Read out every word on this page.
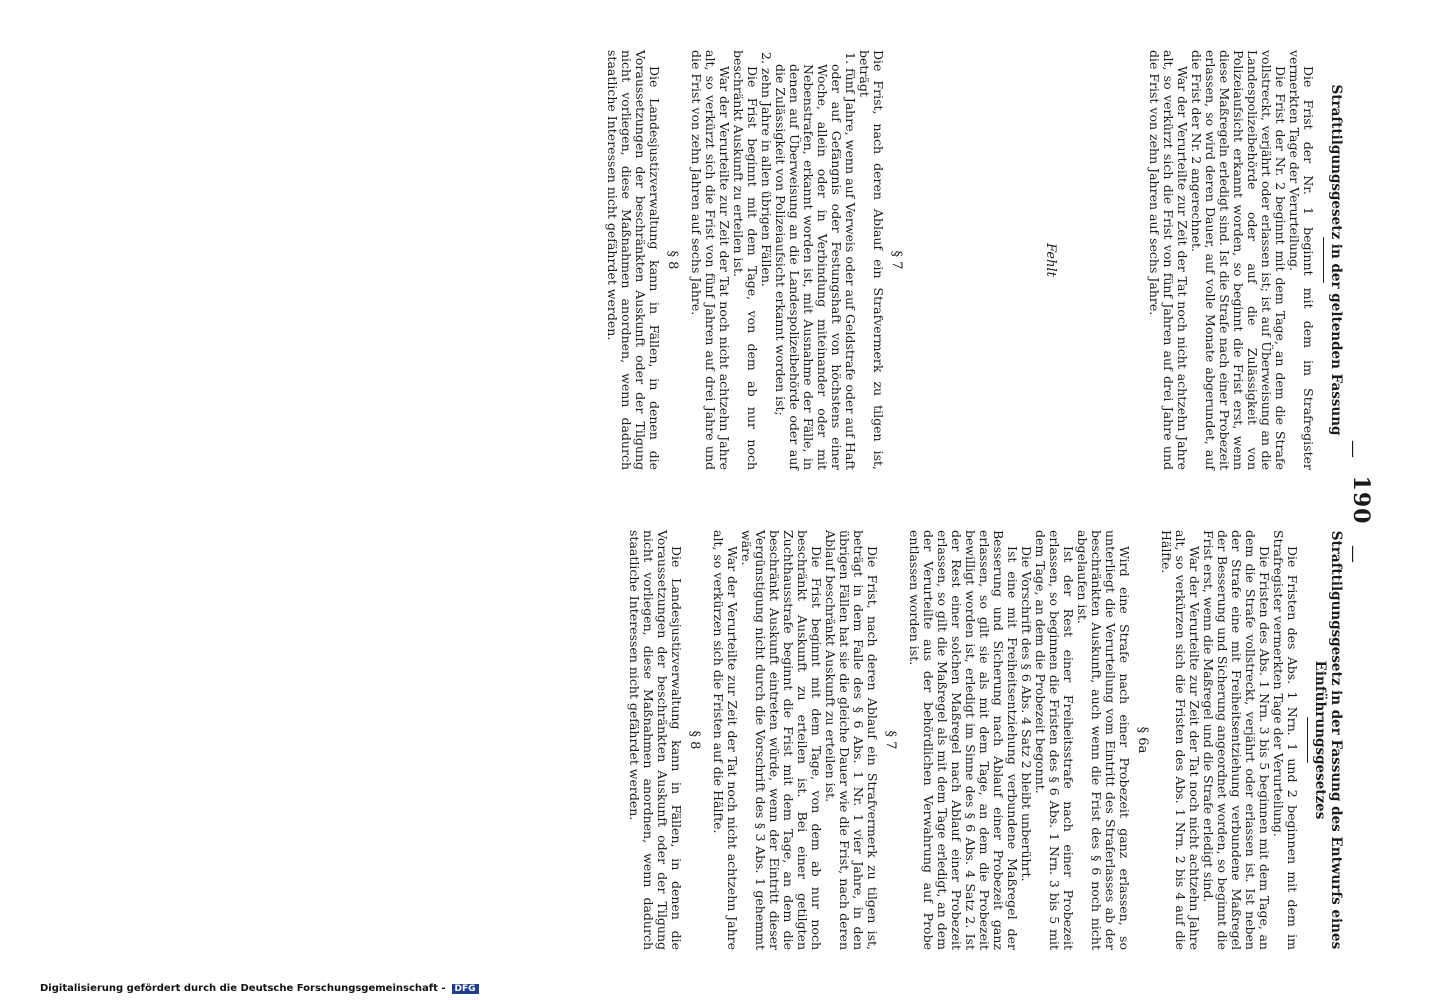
—
190
—
Strafttilgungsgesetz in der Fassung des Entwurfs eines Einführungsgesetzes

Die Fristen des Abs. 1 Nrn. 1 und 2 beginnen mit dem im Strafregister vermerkten Tage der Verurteilung.

Die Fristen des Abs. 1 Nrn. 3 bis 5 beginnen mit dem Tage, an dem die Strafe vollstreckt, verjährt oder erlassen ist. Ist neben der Strafe eine mit Freiheitsentziehung verbundene Maßregel der Besserung und Sicherung angeordnet worden, so beginnt die Frist erst, wenn die Maßregel und die Strafe erledigt sind.

War der Verurteilte zur Zeit der Tat noch nicht achtzehn Jahre alt, so verkürzen sich die Fristen des Abs. 1 Nrn. 2 bis 4 auf die Hälfte.

§ 6a

Wird eine Strafe nach einer Probezeit ganz erlassen, so unterliegt die Verurteilung vom Eintritt des Straferlasses ab der beschränkten Auskunft, auch wenn die Frist des § 6 noch nicht abgelaufen ist.

Ist der Rest einer Freiheitsstrafe nach einer Probezeit erlassen, so beginnen die Fristen des § 6 Abs. 1 Nrn. 3 bis 5 mit dem Tage, an dem die Probezeit begonnt.

Die Vorschrift des § 6 Abs. 4 Satz 2 bleibt unberührt.

Ist eine mit Freiheitsentziehung verbundene Maßregel der Besserung und Sicherung nach Ablauf einer Probezeit ganz erlassen, so gilt sie als mit dem Tage, an dem die Probezeit bewilligt worden ist, erledigt im Sinne des § 6 Abs. 4 Satz 2. Ist der Rest einer solchen Maßregel nach Ablauf einer Probezeit erlassen, so gilt die Maßregel als mit dem Tage erledigt, an dem der Verurteilte aus der behördlichen Verwahrung auf Probe entlassen worden ist.

§ 7

Die Frist, nach deren Ablauf ein Strafvermerk zu tilgen ist, beträgt in dem Falle des § 6 Abs. 1 Nr. 1 vier Jahre, in den übrigen Fällen hat sie die gleiche Dauer wie die Frist, nach deren Ablauf beschränkt Auskunft zu erteilen ist.

Die Frist beginnt mit dem Tage, von dem ab nur noch beschränkt Auskunft zu erteilen ist. Bei einer getilgten Zuchthausstrafe beginnt die Frist mit dem Tage, an dem die beschränkt Auskunft eintreten würde, wenn der Eintritt dieser Vergünstigung nicht durch die Vorschrift des § 3 Abs. 1 gehemmt wäre.

War der Verurteilte zur Zeit der Tat noch nicht achtzehn Jahre alt, so verkürzen sich die Fristen auf die Hälfte.

§ 8

Die Landesjustizverwaltung kann in Fällen, in denen die Voraussetzungen der beschränkten Auskunft oder der Tilgung nicht vorliegen, diese Maßnahmen anordnen, wenn dadurch staatliche Interessen nicht gefährdet werden.

Strafttilgungsgesetz in der geltenden Fassung

Die Frist der Nr. 1 beginnt mit dem im Strafregister vermerkten Tage der Verurteilung.

Die Frist der Nr. 2 beginnt mit dem Tage, an dem die Strafe vollstreckt, verjährt oder erlassen ist; ist auf Überweisung an die Landespolizeibehörde oder auf die Zulässigkeit von Polizeiaufsicht erkannt worden, so beginnt die Frist erst, wenn diese Maßregeln erledigt sind. Ist die Strafe nach einer Probezeit erlassen, so wird deren Dauer, auf volle Monate abgerundet, auf die Frist der Nr. 2 angerechnet.

War der Verurteilte zur Zeit der Tat noch nicht achtzehn Jahre alt, so verkürzt sich die Frist von fünf Jahren auf drei Jahre und die Frist von zehn Jahren auf sechs Jahre.

Fehlt
§ 7

Die Frist, nach deren Ablauf ein Strafvermerk zu tilgen ist, beträgt

1. fünf Jahre, wenn auf Verweis oder auf Geldstrafe oder auf Haft oder auf Gefängnis oder Festungshaft von höchstens einer Woche, allein oder in Verbindung miteinander oder mit Nebenstrafen, erkannt worden ist, mit Ausnahme der Fälle, in denen auf Überweisung an die Landespolizeibehörde oder auf die Zulässigkeit von Polizeiaufsicht erkannt worden ist;

2. zehn Jahre in allen übrigen Fällen.

Die Frist beginnt mit dem Tage, von dem ab nur noch beschränkt Auskunft zu erteilen ist.

War der Verurteilte zur Zeit der Tat noch nicht achtzehn Jahre alt, so verkürzt sich die Frist von fünf Jahren auf drei Jahre und die Frist von zehn Jahren auf sechs Jahre.

§ 8

Die Landesjustizverwaltung kann in Fällen, in denen die Voraussetzungen der beschränkten Auskunft oder der Tilgung nicht vorliegen, diese Maßnahmen anordnen, wenn dadurch staatliche Interessen nicht gefährdet werden.

Digitalisierung gefördert durch die Deutsche Forschungsgemeinschaft - DFG
